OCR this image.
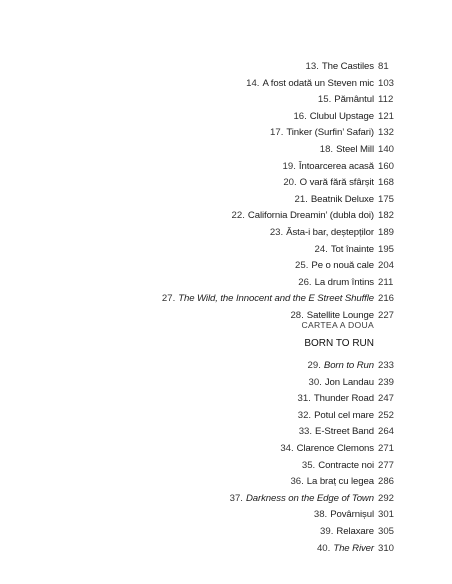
13. The Castiles 81
14. A fost odată un Steven mic 103
15. Pământul 112
16. Clubul Upstage 121
17. Tinker (Surfin’ Safari) 132
18. Steel Mill 140
19. Întoarcerea acasă 160
20. O vară fără sfârșit 168
21. Beatnik Deluxe 175
22. California Dreamin’ (dubla doi) 182
23. Ăsta-i bar, deștepților 189
24. Tot înainte 195
25. Pe o nouă cale 204
26. La drum întins 211
27. The Wild, the Innocent and the E Street Shuffle 216
28. Satellite Lounge 227
CARTEA A DOUA
BORN TO RUN
29. Born to Run 233
30. Jon Landau 239
31. Thunder Road 247
32. Potul cel mare 252
33. E-Street Band 264
34. Clarence Clemons 271
35. Contracte noi 277
36. La braț cu legea 286
37. Darkness on the Edge of Town 292
38. Povârnișul 301
39. Relaxare 305
40. The River 310
